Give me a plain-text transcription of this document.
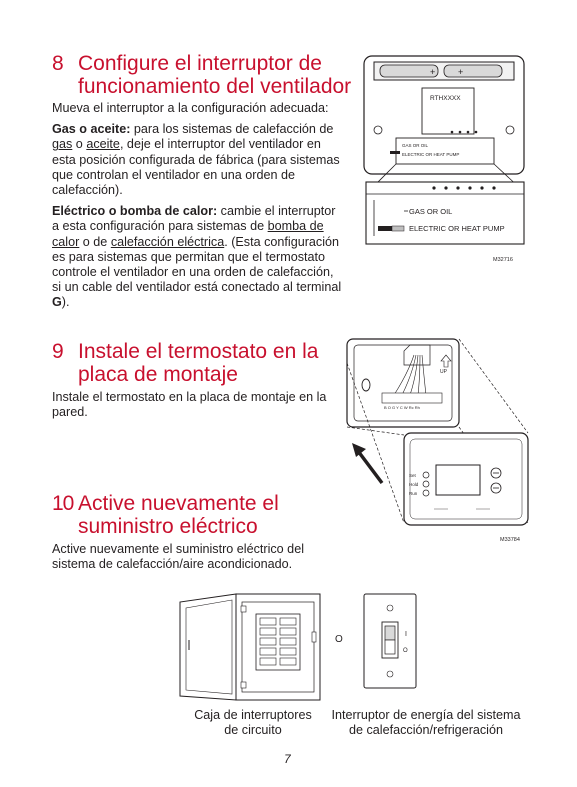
8 Configure el interruptor de
funcionamiento del ventilador

Mueva el interruptor a la configuración adecuada:

Gas o aceite: para los sistemas de calefacción de gas o aceite, deje el interruptor del ventilador en esta posición configurada de fábrica (para sistemas que controlan el ventilador en una orden de calefacción).

Eléctrico o bomba de calor: cambie el interruptor a esta configuración para sistemas de bomba de calor o de calefacción eléctrica. (Esta configuración es para sistemas que permitan que el termostato controle el ventilador en una orden de calefacción, si un cable del ventilador está conectado al terminal G).

+	+
RTHXXXX
GAS OR OIL
ELECTRIC OR HEAT PUMP
GAS OR OIL
ELECTRIC OR HEAT PUMP
M32716
9 Instale el termostato en la
placa de montaje
Instale el termostato en la placa de montaje en la pared.	B O G Y C W Rc Rh
UP
Set
Hold
Run
M33784
10 Active nuevamente el
suministro eléctrico
Active nuevamente el suministro eléctrico del sistema de calefacción/aire acondicionado.
O	I
O
Caja de interruptores
de circuito
Interruptor de energía del sistema
de calefacción/refrigeración
7
